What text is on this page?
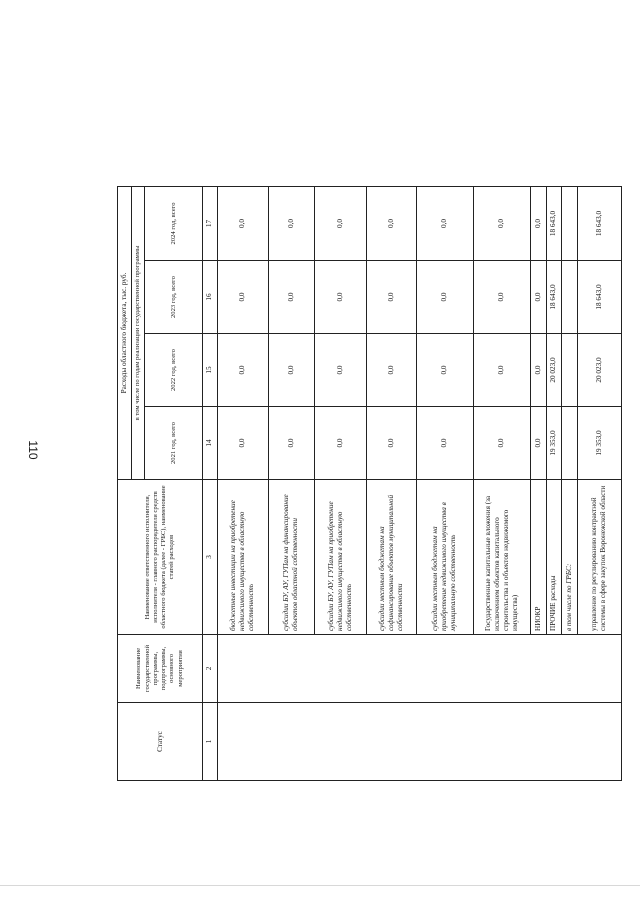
110
Статус	Наименование государственной программы, подпрограммы, основного мероприятия	Наименование ответственного исполнителя, исполнителя - главного распорядителя средств областного бюджета (далее - ГРБС), наименование статей расходов	Расходы областного бюджета, тыс. руб.			
			в том числе по годам реализации государственной программы			
			2021 год, всего	2022 год, всего	2023 год, всего	2024 год, всего
1	2	3	14	15	16	17
		бюджетные инвестиции на приобретение недвижимого имущества в областную собственность	0,0	0,0	0,0	0,0
		субсидии БУ, АУ, ГУПам на финансирование объектов областной собственности	0,0	0,0	0,0	0,0
		субсидии БУ, АУ, ГУПам на приобретение недвижимого имущества в областную собственность	0,0	0,0	0,0	0,0
		субсидии местным бюджетам на софинансирование объектов муниципальной собственности	0,0	0,0	0,0	0,0
		субсидии местным бюджетам на приобретение недвижимого имущества в муниципальную собственность	0,0	0,0	0,0	0,0
		Государственные капитальные вложения (за исключением объектов капитального строительства и объектов недвижимого имущества)	0,0	0,0	0,0	0,0
		НИОКР	0,0	0,0	0,0	0,0
		ПРОЧИЕ расходы	19 353,0	20 023,0	18 643,0	18 643,0
		в том числе по ГРБС:				
		управление по регулированию контрактной системы в сфере закупок Воронежской области	19 353,0	20 023,0	18 643,0	18 643,0
